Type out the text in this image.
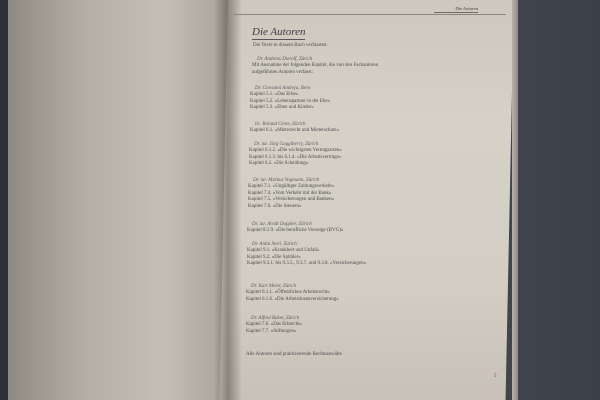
Die Autoren
Die Autoren
Die Texte in diesem Buch verfassten:
Dr. Andreas Dierolf, Zürich
Mit Ausnahme der folgenden Kapitel, die von den Fachautoren
aufgeführten Autoren verfasst:
Dr. Giovanni Andreja, Bern
Kapitel 5.1. «Das Erbe»
Kapitel 5.2. «Lebenspartner in der Ehe»
Kapitel 5.3. «Ehen und Kinder»
lic. Roland Grote, Zürich
Kapitel 6.1. «Mieterrecht und Mieterschutz»
Dr. iur. Jürg Goggiberry, Zürich
Kapitel 6.1.2. «Die wichtigsten Vertragsarten»
Kapitel 6.1.3. bis 6.1.4. «Die Arbeitsverträge»
Kapitel 6.2. «Die Scheidung»
Dr. iur. Markus Vogmann, Zürich
Kapitel 7.1. «Ungültiger Zahlungsverkehr»
Kapitel 7.4. «Vom Verkehr mit der Bank»
Kapitel 7.5. «Versicherungen und Banken»
Kapitel 7.6. «Die Steuern»
Dr. iur. Arndt Doppler, Zürich
Kapitel 8.1.9. «Die berufliche Vorsorge (BVG)»
Dr. Anita Steri, Zürich
Kapitel 9.1. «Krankheit und Unfall»
Kapitel 9.2. «Die Spitäler»
Kapitel 9.3.1. bis 9.3.5., 9.3.7. und 9.3.8. «Versicherungen»
Dr. Kurt Meier, Zürich
Kapitel 6.1.1. «Öffentliches Arbeitsrecht»
Kapitel 6.1.6. «Die Arbeitslosenversicherung»
Dr. Alfred Baker, Zürich
Kapitel 7.6. «Das Erbrecht»
Kapitel 7.7. «Stiftungen»
Alle Autoren sind praktizierende Rechtsanwälte
5
